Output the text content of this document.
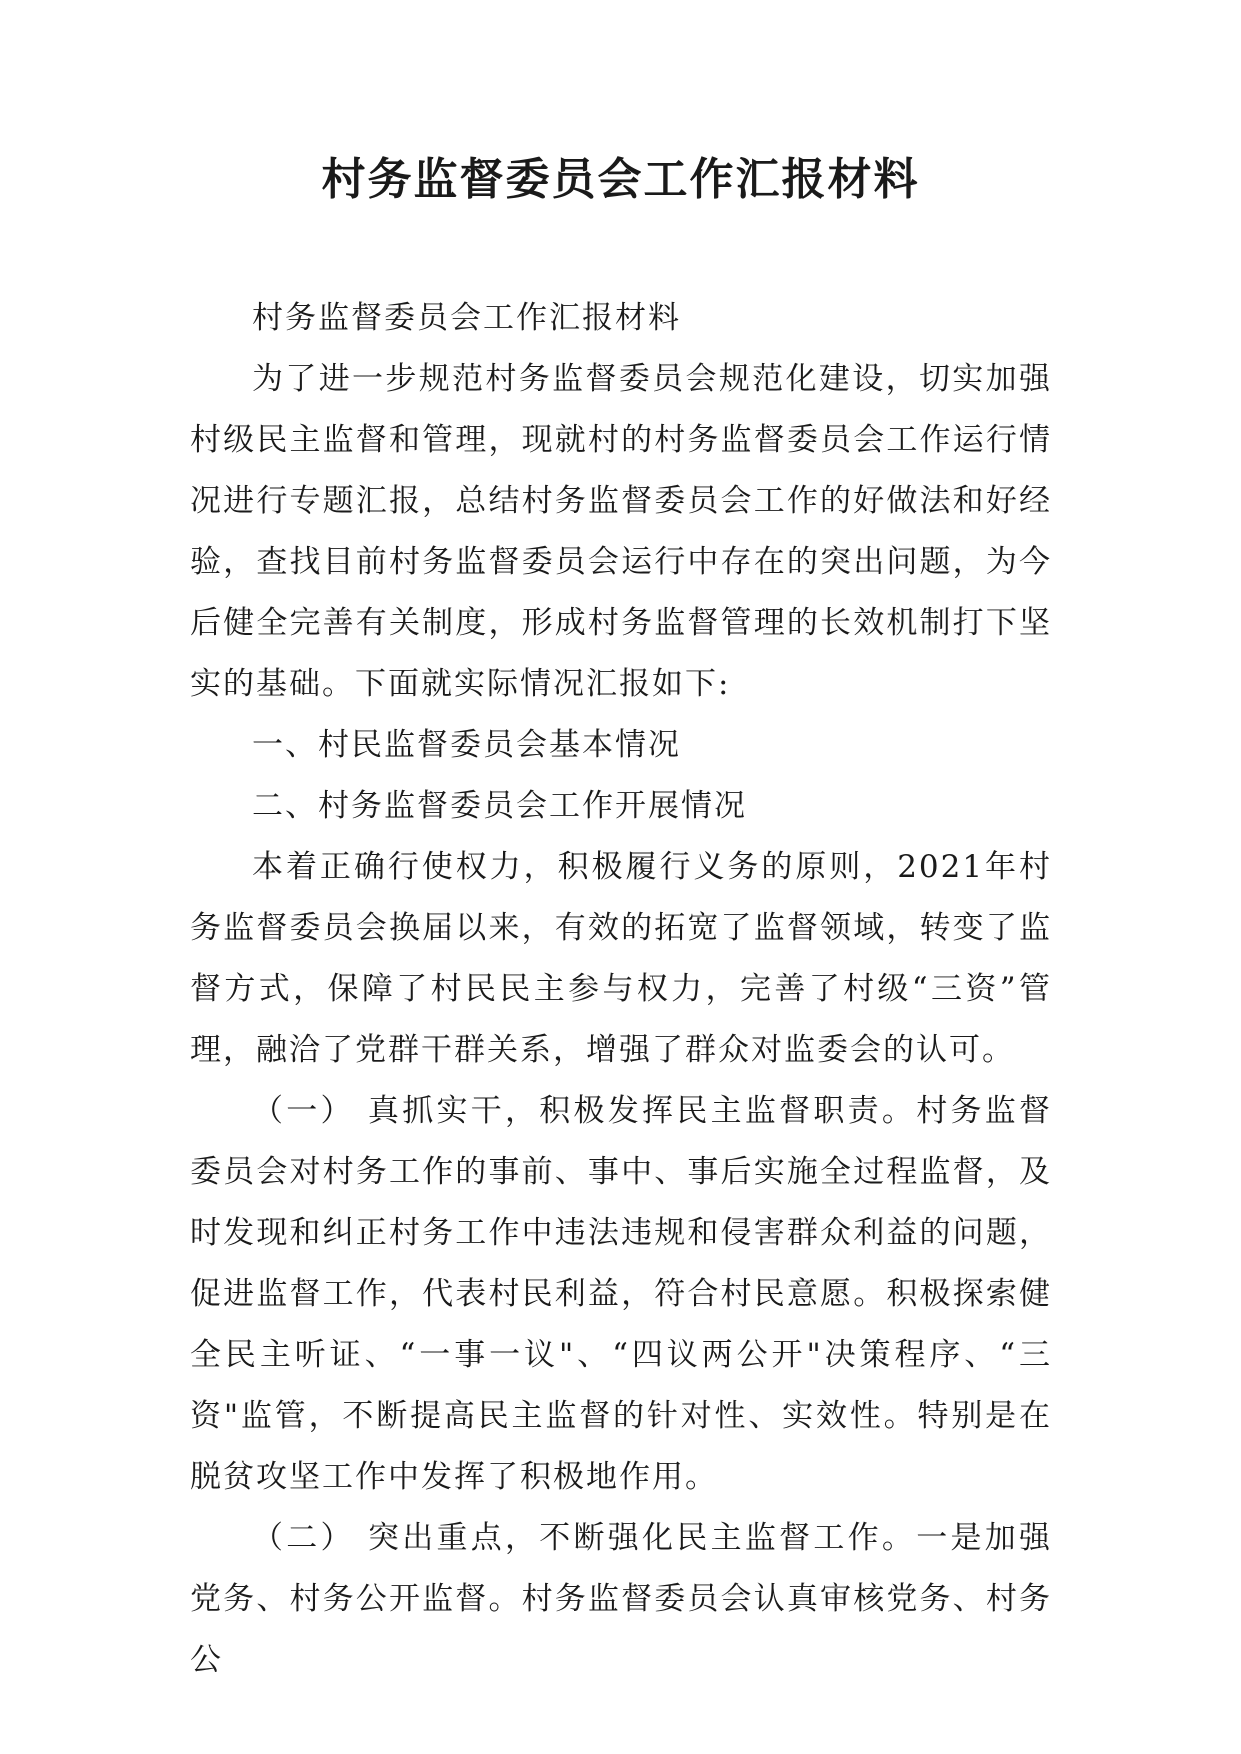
村务监督委员会工作汇报材料

村务监督委员会工作汇报材料

为了进一步规范村务监督委员会规范化建设，切实加强村级民主监督和管理，现就村的村务监督委员会工作运行情况进行专题汇报，总结村务监督委员会工作的好做法和好经验，查找目前村务监督委员会运行中存在的突出问题，为今后健全完善有关制度，形成村务监督管理的长效机制打下坚实的基础。下面就实际情况汇报如下:

一、村民监督委员会基本情况

二、村务监督委员会工作开展情况

本着正确行使权力，积极履行义务的原则，2021年村务监督委员会换届以来，有效的拓宽了监督领域，转变了监督方式，保障了村民民主参与权力，完善了村级“三资”管理，融洽了党群干群关系，增强了群众对监委会的认可。

（一） 真抓实干，积极发挥民主监督职责。村务监督委员会对村务工作的事前、事中、事后实施全过程监督，及时发现和纠正村务工作中违法违规和侵害群众利益的问题，促进监督工作，代表村民利益，符合村民意愿。积极探索健全民主听证、“一事一议"、“四议两公开"决策程序、“三资"监管，不断提高民主监督的针对性、实效性。特别是在脱贫攻坚工作中发挥了积极地作用。

（二） 突出重点，不断强化民主监督工作。一是加强党务、村务公开监督。村务监督委员会认真审核党务、村务公
